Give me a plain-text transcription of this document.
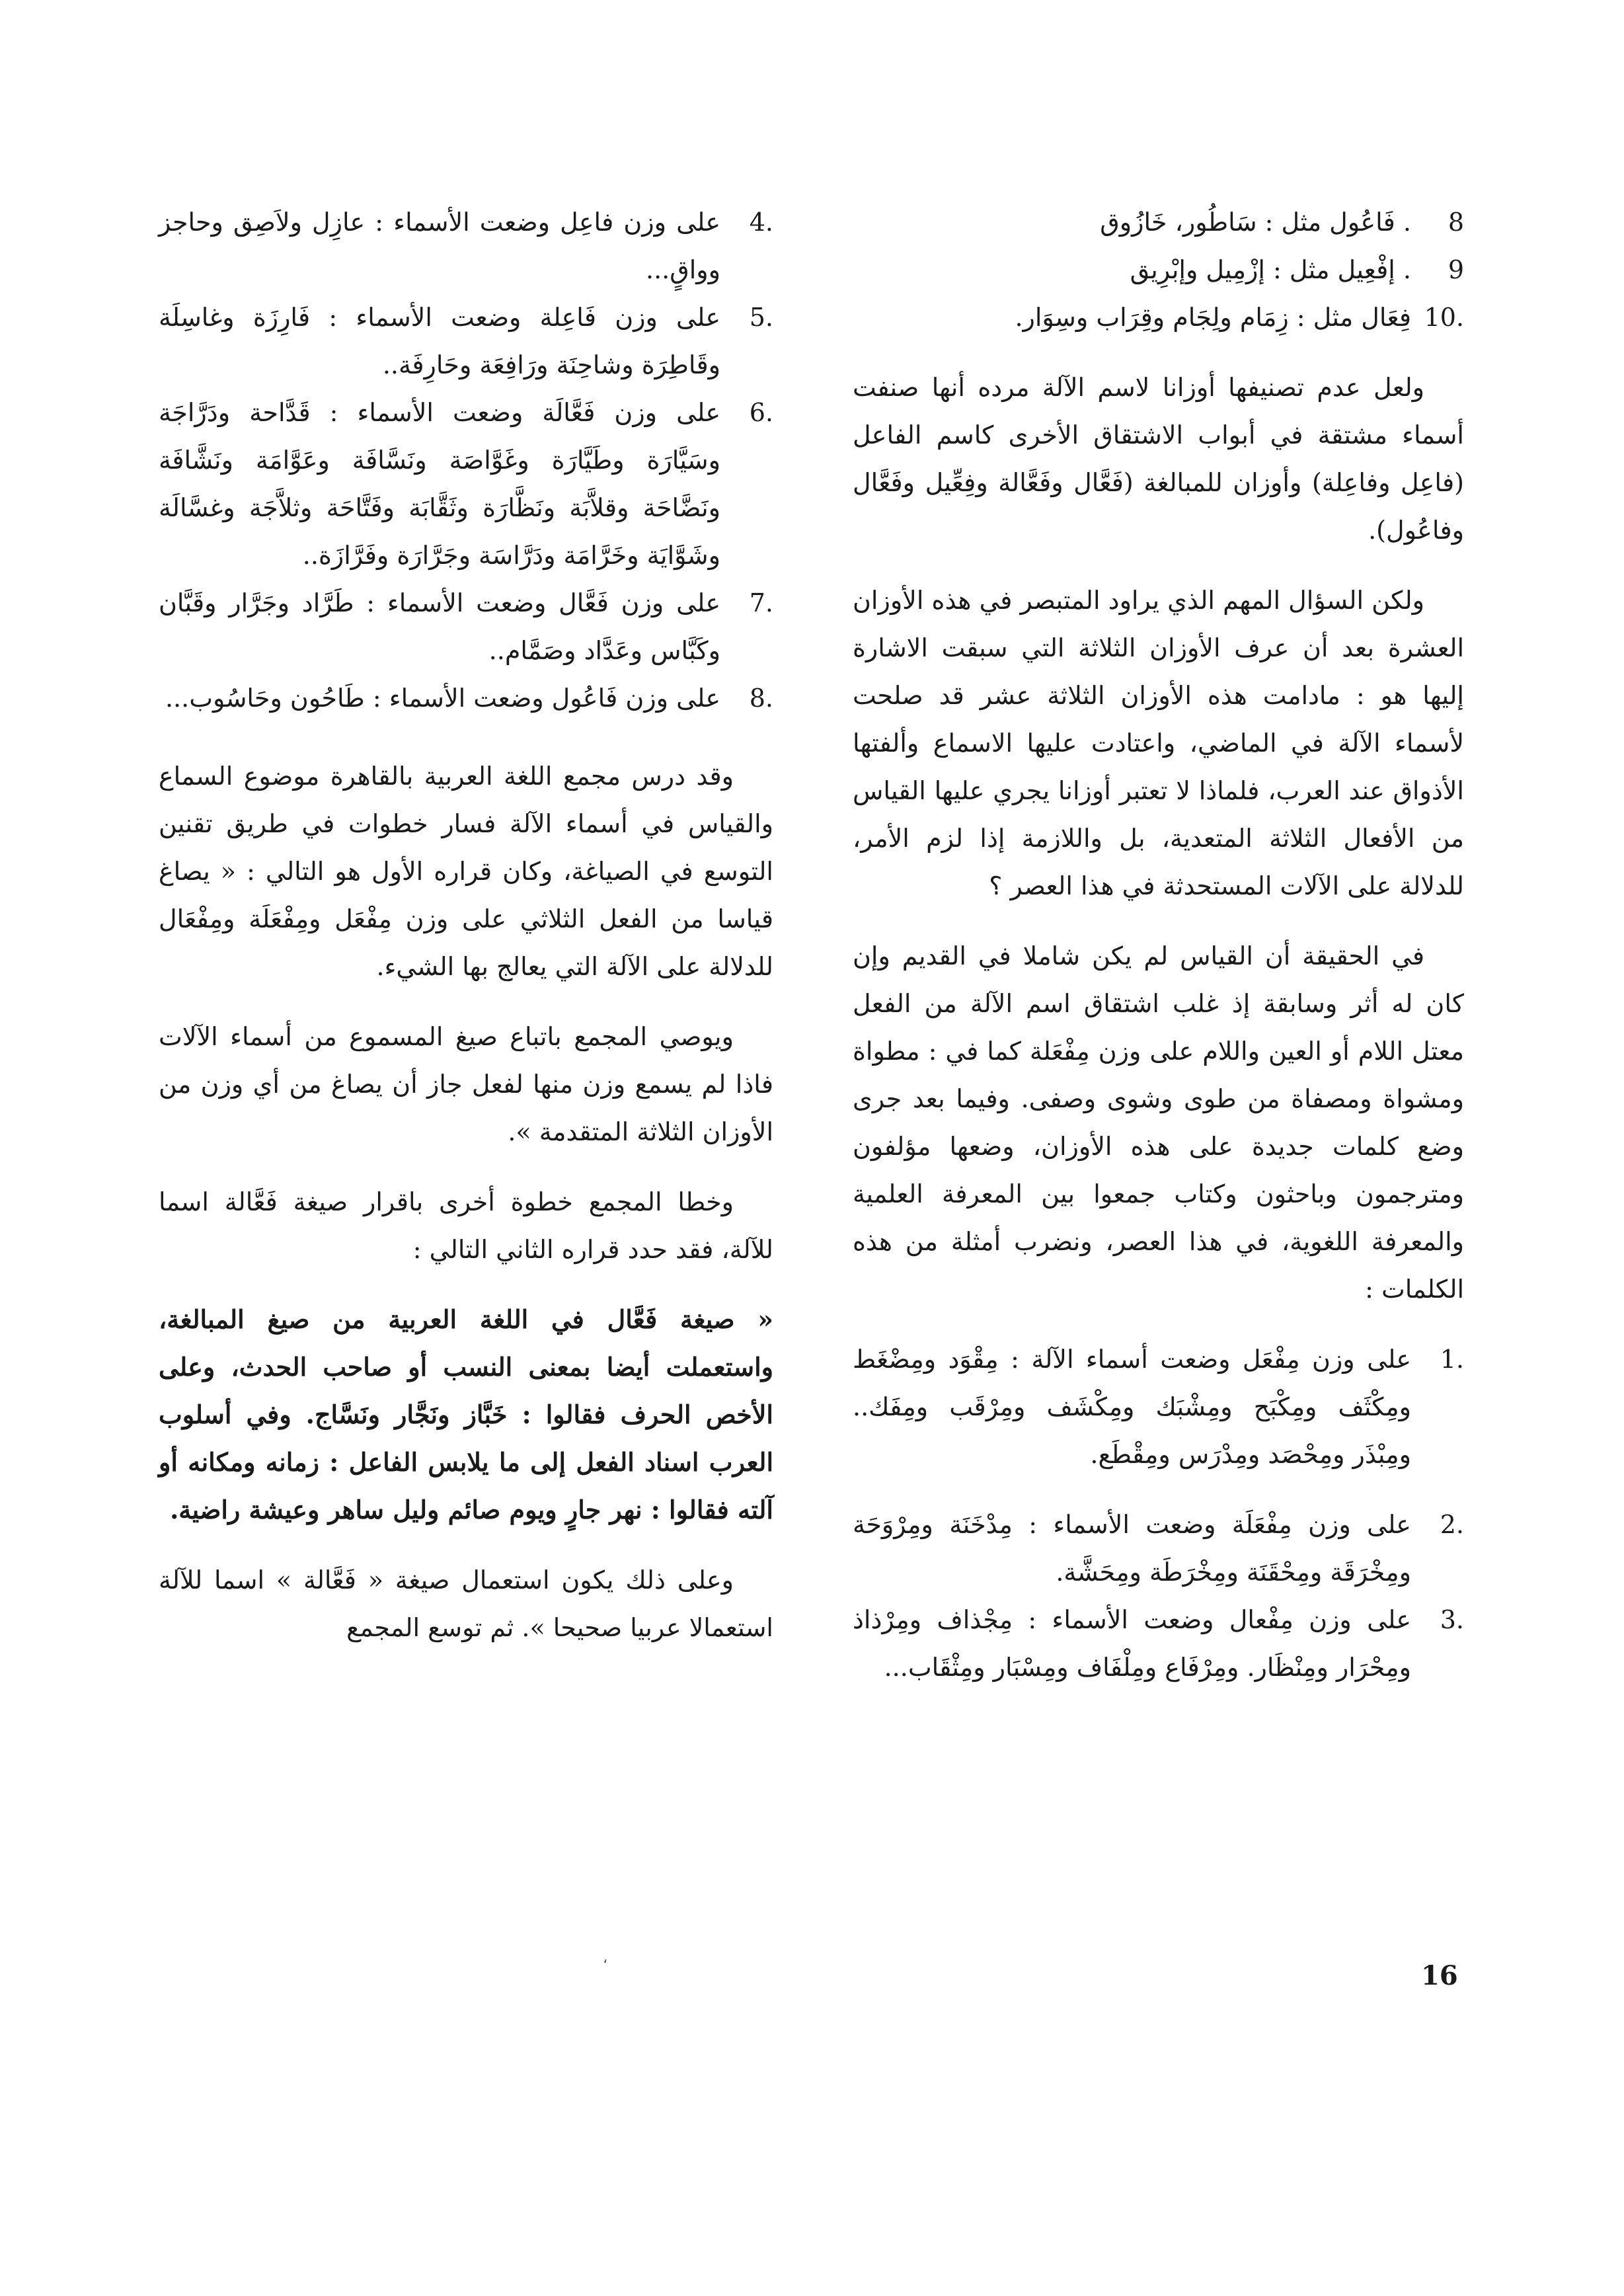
8
. فَاعُول مثل : سَاطُور، خَازُوق
9
. إفْعِيل مثل : إزْمِيل وإبْرِيق
10.
فِعَال مثل : زِمَام ولِجَام وقِرَاب وسِوَار.
ولعل عدم تصنيفها أوزانا لاسم الآلة مرده أنها صنفت أسماء مشتقة في أبواب الاشتقاق الأخرى كاسم الفاعل (فاعِل وفاعِلة) وأوزان للمبالغة (فَعَّال وفَعَّالة وفِعِّيل وفَعَّال وفاعُول).
ولكن السؤال المهم الذي يراود المتبصر في هذه الأوزان العشرة بعد أن عرف الأوزان الثلاثة التي سبقت الاشارة إليها هو : مادامت هذه الأوزان الثلاثة عشر قد صلحت لأسماء الآلة في الماضي، واعتادت عليها الاسماع وألفتها الأذواق عند العرب، فلماذا لا تعتبر أوزانا يجري عليها القياس من الأفعال الثلاثة المتعدية، بل واللازمة إذا لزم الأمر، للدلالة على الآلات المستحدثة في هذا العصر ؟
في الحقيقة أن القياس لم يكن شاملا في القديم وإن كان له أثر وسابقة إذ غلب اشتقاق اسم الآلة من الفعل معتل اللام أو العين واللام على وزن مِفْعَلة كما في : مطواة ومشواة ومصفاة من طوى وشوى وصفى. وفيما بعد جرى وضع كلمات جديدة على هذه الأوزان، وضعها مؤلفون ومترجمون وباحثون وكتاب جمعوا بين المعرفة العلمية والمعرفة اللغوية، في هذا العصر، ونضرب أمثلة من هذه الكلمات :
1.
على وزن مِفْعَل وضعت أسماء الآلة : مِقْوَد ومِضْغَط ومِكْثَف ومِكْبَح ومِشْبَك ومِكْشَف ومِرْقَب ومِفَك.. ومِبْذَر ومِحْصَد ومِدْرَس ومِقْطَع.
2.
على وزن مِفْعَلَة وضعت الأسماء : مِدْخَنَة ومِرْوَحَة ومِخْرَقَة ومِحْقَنَة ومِخْرَطَة ومِحَشَّة.
3.
على وزن مِفْعال وضعت الأسماء : مِجْذاف ومِرْذاذ ومِحْرَار ومِنْظَار. ومِرْفَاع ومِلْفَاف ومِسْبَار ومِثْقَاب...
4.
على وزن فاعِل وضعت الأسماء : عازِل ولاَصِق وحاجز وواقٍ...
5.
على وزن فَاعِلة وضعت الأسماء : فَارِزَة وغاسِلَة وقَاطِرَة وشاحِنَة ورَافِعَة وحَارِفَة..
6.
على وزن فَعَّالَة وضعت الأسماء : قَدَّاحة ودَرَّاجَة وسَيَّارَة وطَيَّارَة وغَوَّاصَة ونَسَّافَة وعَوَّامَة ونَشَّافَة ونَضَّاحَة وقلاَّبَة ونَظَّارَة وثَقَّابَة وفَتَّاحَة وثلاَّجَة وغسَّالَة وشَوَّايَة وخَرَّامَة ودَرَّاسَة وجَرَّارَة وفَرَّازَة..
7.
على وزن فَعَّال وضعت الأسماء : طَرَّاد وجَرَّار وقَبَّان وكَبَّاس وعَدَّاد وصَمَّام..
8.
على وزن فَاعُول وضعت الأسماء : طَاحُون وحَاسُوب...
وقد درس مجمع اللغة العربية بالقاهرة موضوع السماع والقياس في أسماء الآلة فسار خطوات في طريق تقنين التوسع في الصياغة، وكان قراره الأول هو التالي : « يصاغ قياسا من الفعل الثلاثي على وزن مِفْعَل ومِفْعَلَة ومِفْعَال للدلالة على الآلة التي يعالج بها الشيء.
ويوصي المجمع باتباع صيغ المسموع من أسماء الآلات فاذا لم يسمع وزن منها لفعل جاز أن يصاغ من أي وزن من الأوزان الثلاثة المتقدمة ».
وخطا المجمع خطوة أخرى باقرار صيغة فَعَّالة اسما للآلة، فقد حدد قراره الثاني التالي :
« صيغة فَعَّال في اللغة العربية من صيغ المبالغة، واستعملت أيضا بمعنى النسب أو صاحب الحدث، وعلى الأخص الحرف فقالوا : خَبَّاز ونَجَّار ونَسَّاج. وفي أسلوب العرب اسناد الفعل إلى ما يلابس الفاعل : زمانه ومكانه أو آلته فقالوا : نهر جارٍ ويوم صائم وليل ساهر وعيشة راضية.
وعلى ذلك يكون استعمال صيغة « فَعَّالة » اسما للآلة استعمالا عربيا صحيحا ». ثم توسع المجمع
،
16
